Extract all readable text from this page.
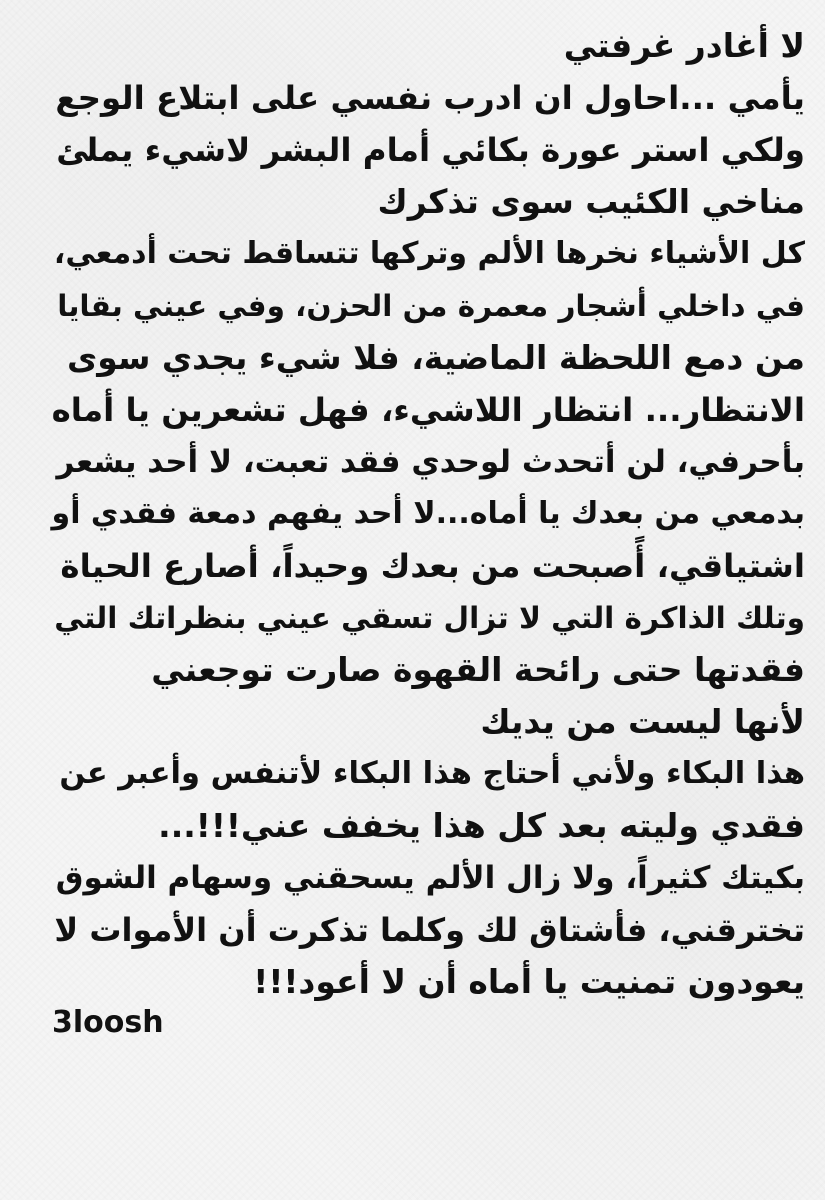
لا أغادر غرفتي
يأمي ...احاول ان ادرب نفسي على ابتلاع الوجع
ولكي استر عورة بكائي أمام البشر لاشيء يملئ
مناخي الكئيب سوى تذكرك
كل الأشياء نخرها الألم وتركها تتساقط تحت أدمعي،
في داخلي أشجار معمرة من الحزن، وفي عيني بقايا
من دمع اللحظة الماضية، فلا شيء يجدي سوى
الانتظار... انتظار اللاشيء، فهل تشعرين يا أماه
بأحرفي، لن أتحدث لوحدي فقد تعبت، لا أحد يشعر
بدمعي من بعدك يا أماه...لا أحد يفهم دمعة فقدي أو
اشتياقي، أًصبحت من بعدك وحيداً، أصارع الحياة
وتلك الذاكرة التي لا تزال تسقي عيني بنظراتك التي
فقدتها حتى رائحة القهوة صارت توجعني
لأنها ليست من يديك
هذا البكاء ولأني أحتاج هذا البكاء لأتنفس وأعبر عن
فقدي وليته بعد كل هذا يخفف عني!!!...
بكيتك كثيراً، ولا زال الألم يسحقني وسهام الشوق
تخترقني، فأشتاق لك وكلما تذكرت أن الأموات لا
يعودون تمنيت يا أماه أن لا أعود!!!
3loosh
